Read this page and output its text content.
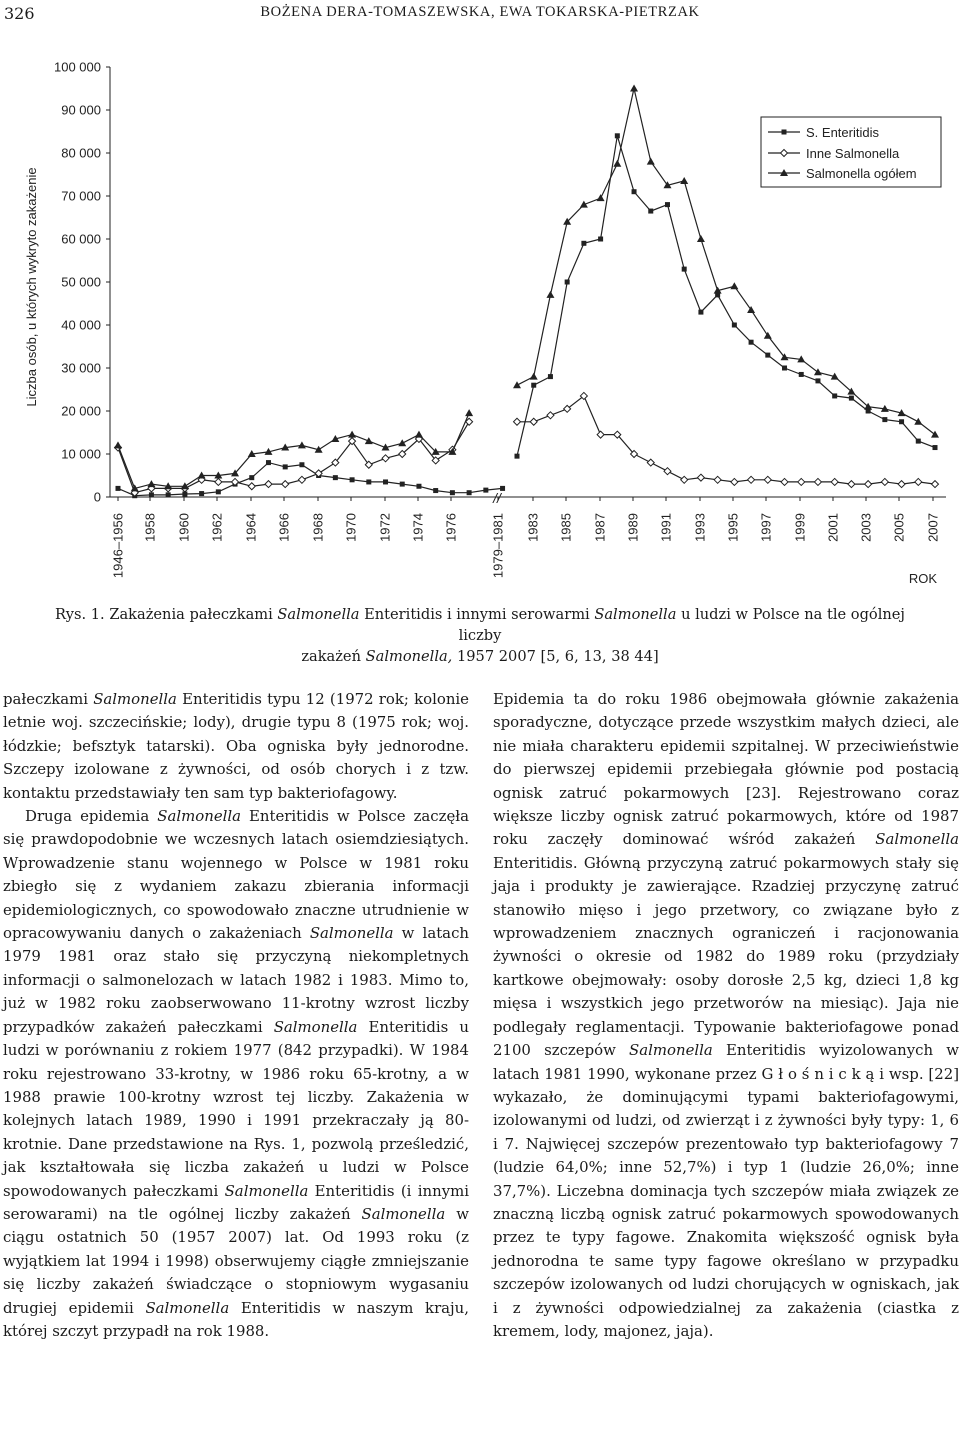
326	BOŻENA DERA-TOMASZEWSKA, EWA TOKARSKA-PIETRZAK
0
10 000
20 000
30 000
40 000
50 000
60 000
70 000
80 000
90 000
100 000
1946–1956 1958 1960 1962 1964 1966 1968 1970 1972 1974 1976 1979–1981 1983 1985 1987 1989 1991 1993 1995 1997 1999 2001 2003 2005 2007
Liczba osób, u których wykryto zakażenie
ROK
//
S. Enteritidis
Inne Salmonella
Salmonella ogółem
Rys. 1. Zakażenia pałeczkami Salmonella Enteritidis i innymi serowarmi Salmonella u ludzi w Polsce na tle ogólnej liczby
zakażeń Salmonella, 1957 2007 [5, 6, 13, 38 44]

pałeczkami Salmonella Enteritidis typu 12 (1972 rok; kolonie letnie woj. szczecińskie; lody), drugie typu 8 (1975 rok; woj. łódzkie; befsztyk tatarski). Oba ogniska były jednorodne. Szczepy izolowane z żywności, od osób chorych i z tzw. kontaktu przedstawiały ten sam typ bakteriofagowy.

Druga epidemia Salmonella Enteritidis w Polsce zaczęła się prawdopodobnie we wczesnych latach osiemdziesiątych. Wprowadzenie stanu wojennego w Polsce w 1981 roku zbiegło się z wydaniem zakazu zbierania informacji epidemiologicznych, co spowodowało znaczne utrudnienie w opracowywaniu danych o zakażeniach Salmonella w latach 1979 1981 oraz stało się przyczyną niekompletnych informacji o salmonelozach w latach 1982 i 1983. Mimo to, już w 1982 roku zaobserwowano 11-krotny wzrost liczby przypadków zakażeń pałeczkami Salmonella Enteritidis u ludzi w porównaniu z rokiem 1977 (842 przypadki). W 1984 roku rejestrowano 33-krotny, w 1986 roku 65-krotny, a w 1988 prawie 100-krotny wzrost tej liczby. Zakażenia w kolejnych latach 1989, 1990 i 1991 przekraczały ją 80-krotnie. Dane przedstawione na Rys. 1, pozwolą prześledzić, jak kształtowała się liczba zakażeń u ludzi w Polsce spowodowanych pałeczkami Salmonella Enteritidis (i innymi serowarami) na tle ogólnej liczby zakażeń Salmonella w ciągu ostatnich 50 (1957 2007) lat. Od 1993 roku (z wyjątkiem lat 1994 i 1998) obserwujemy ciągłe zmniejszanie się liczby zakażeń świadczące o stopniowym wygasaniu drugiej epidemii Salmonella Enteritidis w naszym kraju, której szczyt przypadł na rok 1988.

Epidemia ta do roku 1986 obejmowała głównie zakażenia sporadyczne, dotyczące przede wszystkim małych dzieci, ale nie miała charakteru epidemii szpitalnej. W przeciwieństwie do pierwszej epidemii przebiegała głównie pod postacią ognisk zatruć pokarmowych [23]. Rejestrowano coraz większe liczby ognisk zatruć pokarmowych, które od 1987 roku zaczęły dominować wśród zakażeń Salmonella Enteritidis. Główną przyczyną zatruć pokarmowych stały się jaja i produkty je zawierające. Rzadziej przyczynę zatruć stanowiło mięso i jego przetwory, co związane było z wprowadzeniem znacznych ograniczeń i racjonowania żywności o okresie od 1982 do 1989 roku (przydziały kartkowe obejmowały: osoby dorosłe 2,5 kg, dzieci 1,8 kg mięsa i wszystkich jego przetworów na miesiąc). Jaja nie podlegały reglamentacji. Typowanie bakteriofagowe ponad 2100 szczepów Salmonella Enteritidis wyizolowanych w latach 1981 1990, wykonane przez G ł o ś n i c k ą i wsp. [22] wykazało, że dominującymi typami bakteriofagowymi, izolowanymi od ludzi, od zwierząt i z żywności były typy: 1, 6 i 7. Najwięcej szczepów prezentowało typ bakteriofagowy 7 (ludzie 64,0%; inne 52,7%) i typ 1 (ludzie 26,0%; inne 37,7%). Liczebna dominacja tych szczepów miała związek ze znaczną liczbą ognisk zatruć pokarmowych spowodowanych przez te typy fagowe. Znakomita większość ognisk była jednorodna te same typy fagowe określano w przypadku szczepów izolowanych od ludzi chorujących w ogniskach, jak i z żywności odpowiedzialnej za zakażenia (ciastka z kremem, lody, majonez, jaja).
